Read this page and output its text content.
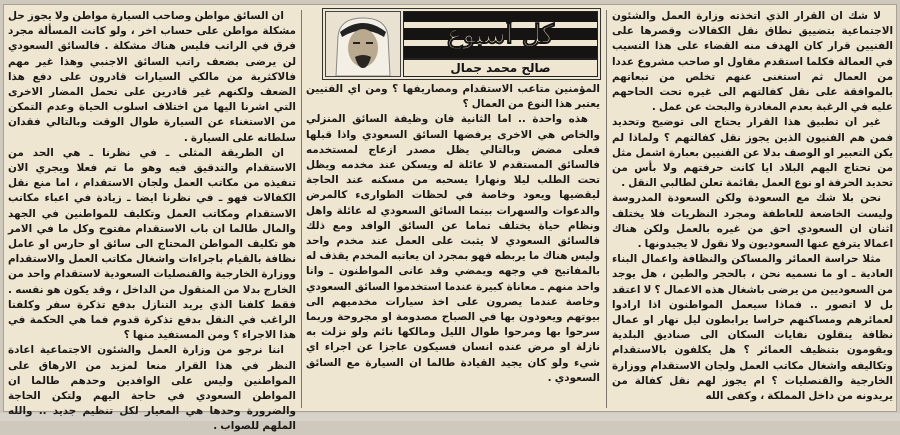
لا شك ان القرار الذي اتخذته وزارة العمل والشئون الاجتماعية بتضييق نطاق نقل الكفالات وقصرها على الفنيين قرار كان الهدف منه القضاء على هذا التسيب في العمالة فكلما استقدم مقاول او صاحب مشروع عددا من العمال ثم استغنى عنهم تخلص من تبعاتهم بالموافقة على نقل كفالتهم الى غيره تحت الحاحهم عليه في الرغبة بعدم المغادرة والبحث عن عمل .

غير ان تطبيق هذا القرار يحتاج الى توضيح وتحديد فمن هم الفنيون الذين يجوز نقل كفالتهم ؟ ولماذا لم يكن التعبير او الوصف بدلا عن الفنيين بعبارة اشمل مثل من تحتاج اليهم البلاد ايا كانت حرفتهم ولا بأس من تحديد الحرفة او نوع العمل بقائمة تعلن لطالبي النقل .

نحن بلا شك مع السعودة ولكن السعودة المدروسة وليست الخاضعة للعاطفة ومجرد النظريات فلا يختلف اثنان ان السعودي احق من غيره بالعمل ولكن هناك اعمالا يترفع عنها السعوديون ولا نقول لا يجيدونها .

مثلا حراسة العمائر والمساكن والنظافة واعمال البناء العادية ـ او ما نسميه نحن ، بالحجر والطين ، هل يوجد من السعوديين من يرضى باشغال هذه الاعمال ؟ لا اعتقد بل لا اتصور .. فماذا سيعمل المواطنون اذا ارادوا لعمائرهم ومساكنهم حراسا يرابطون ليل نهار او عمال نظافة ينقلون نفايات السكان الى صناديق البلدية ويقومون بتنظيف العمائر ؟ هل يكلفون بالاستقدام وتكاليفه واشغال مكاتب العمل ولجان الاستقدام ووزارة الخارجية والقنصليات ؟ ام يجوز لهم نقل كفالة من يريدونه من داخل المملكة ، وكفى الله

كل أسبوع
صالح محمد جمال

المؤمنين متاعب الاستقدام ومصاريفها ؟ ومن اي الفنيين يعتبر هذا النوع من العمال ؟

هذه واحدة .. اما الثانية فان وظيفة السائق المنزلي والخاص هي الاخرى يرفضها السائق السعودي واذا قبلها فعلى مضض وبالتالي يظل مصدر ازعاج لمستخدمه فالسائق المستقدم لا عائلة له ويسكن عند مخدمه ويظل تحت الطلب ليلا ونهارا يسحبه من مسكنه عند الحاجة ليقضيها ويعود وخاصة في لحظات الطوارىء كالمرض والدعوات والسهرات بينما السائق السعودي له عائلة واهل ونظام حياة يختلف تماما عن السائق الوافد ومع ذلك فالسائق السعودي لا يثبت على العمل عند مخدم واحد وليس هناك ما يربطه فهو بمجرد ان يعاتبه المخدم يقذف له بالمفاتيح في وجهه ويمضي وقد عانى المواطنون ـ وانا واحد منهم ـ معاناة كبيرة عندما استخدموا السائق السعودي وخاصة عندما يصرون على اخذ سيارات مخدميهم الى بيوتهم ويعودون بها في الصباح مصدومة او مجروحة وربما سرحوا بها ومرحوا طوال الليل ومالكها نائم ولو نزلت به نازلة او مرض عنده انسان فسيكون عاجزا عن اجراء اي شيء ولو كان يجيد القيادة طالما ان السيارة مع السائق السعودي .

ان السائق مواطن وصاحب السيارة مواطن ولا يجوز حل مشكلة مواطن على حساب اخر ، ولو كانت المسألة مجرد فرق في الراتب فليس هناك مشكلة . فالسائق السعودي لن يرضى بضعف راتب السائق الاجنبي وهذا غير مهم فالاكثرية من مالكي السيارات قادرون على دفع هذا الضعف ولكنهم غير قادرين على تحمل المضار الاخرى التي اشرنا اليها من اختلاف اسلوب الحياة وعدم التمكن من الاستغناء عن السيارة طوال الوقت وبالتالي فقدان سلطانه على السيارة .

ان الطريقة المثلى ـ في نظرنا ـ هي الحد من الاستقدام والتدقيق فيه وهو ما تم فعلا ويجري الان تنفيذه من مكاتب العمل ولجان الاستقدام ، اما منع نقل الكفالات فهو ـ في نظرنا ايضا ـ زيادة في اعباء مكاتب الاستقدام ومكاتب العمل وتكليف للمواطنين في الجهد والمال طالما ان باب الاستقدام مفتوح وكل ما في الامر هو تكليف المواطن المحتاج الى سائق او حارس او عامل نظافة بالقيام باجراءات واشغال مكاتب العمل والاستقدام ووزارة الخارجية والقنصليات السعودية لاستقدام واحد من الخارج بدلا من المنقول من الداخل ، وقد يكون هو نفسه . فقط كلفنا الذي يريد التنازل بدفع تذكرة سفر وكلفنا الراغب في النقل بدفع تذكرة قدوم فما هي الحكمة في هذا الاجراء ؟ ومن المستفيد منها ؟

اننا نرجو من وزارة العمل والشئون الاجتماعية اعادة النظر في هذا القرار منعا لمزيد من الارهاق على المواطنين وليس على الوافدين وحدهم طالما ان المواطن السعودي في حاجة اليهم ولتكن الحاجة والضرورة وحدها هي المعيار لكل تنظيم جديد .. والله الملهم للصواب .
